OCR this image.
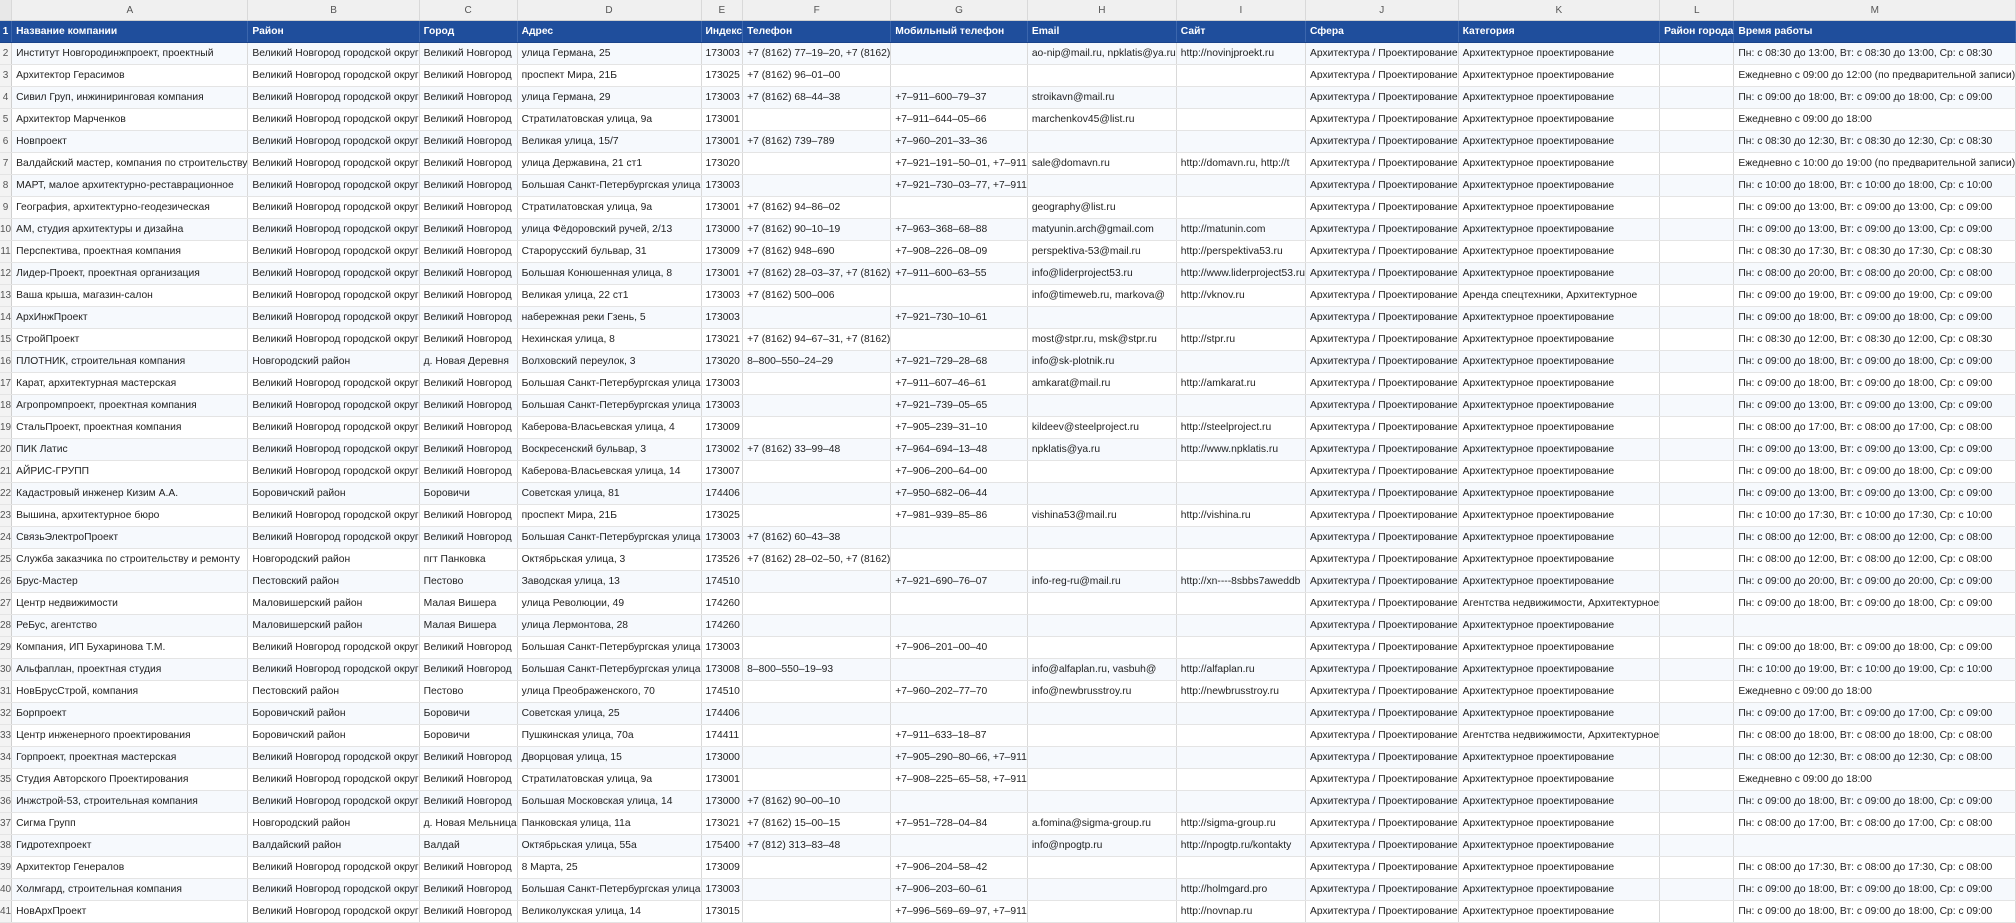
	A	B	C	D	E	F	G	H	I	J	K	L	M
1	Название компании	Район	Город	Адрес	Индекс	Телефон	Мобильный телефон	Email	Сайт	Сфера	Категория	Район города	Время работы
2	Институт Новгородинжпроект, проектный	Великий Новгород городской округ	Великий Новгород	улица Германа, 25	173003	+7 (8162) 77–19–20, +7 (8162)		ao-nip@mail.ru, npklatis@ya.ru	http://novinjproekt.ru	Архитектура / Проектирование	Архитектурное проектирование		Пн: с 08:30 до 13:00, Вт: с 08:30 до 13:00, Ср: с 08:30
3	Архитектор Герасимов	Великий Новгород городской округ	Великий Новгород	проспект Мира, 21Б	173025	+7 (8162) 96–01–00				Архитектура / Проектирование	Архитектурное проектирование		Ежедневно с 09:00 до 12:00 (по предварительной записи)
4	Сивил Груп, инжиниринговая компания	Великий Новгород городской округ	Великий Новгород	улица Германа, 29	173003	+7 (8162) 68–44–38	+7–911–600–79–37	stroikavn@mail.ru		Архитектура / Проектирование	Архитектурное проектирование		Пн: с 09:00 до 18:00, Вт: с 09:00 до 18:00, Ср: с 09:00
5	Архитектор Марченков	Великий Новгород городской округ	Великий Новгород	Стратилатовская улица, 9а	173001		+7–911–644–05–66	marchenkov45@list.ru		Архитектура / Проектирование	Архитектурное проектирование		Ежедневно с 09:00 до 18:00
6	Новпроект	Великий Новгород городской округ	Великий Новгород	Великая улица, 15/7	173001	+7 (8162) 739–789	+7–960–201–33–36			Архитектура / Проектирование	Архитектурное проектирование		Пн: с 08:30 до 12:30, Вт: с 08:30 до 12:30, Ср: с 08:30
7	Валдайский мастер, компания по строительству	Великий Новгород городской округ	Великий Новгород	улица Державина, 21 ст1	173020		+7–921–191–50–01, +7–911	sale@domavn.ru	http://domavn.ru, http://t	Архитектура / Проектирование	Архитектурное проектирование		Ежедневно с 10:00 до 19:00 (по предварительной записи)
8	МАРТ, малое архитектурно-реставрационное	Великий Новгород городской округ	Великий Новгород	Большая Санкт-Петербургская улица	173003		+7–921–730–03–77, +7–911			Архитектура / Проектирование	Архитектурное проектирование		Пн: с 10:00 до 18:00, Вт: с 10:00 до 18:00, Ср: с 10:00
9	География, архитектурно-геодезическая	Великий Новгород городской округ	Великий Новгород	Стратилатовская улица, 9а	173001	+7 (8162) 94–86–02		geography@list.ru		Архитектура / Проектирование	Архитектурное проектирование		Пн: с 09:00 до 13:00, Вт: с 09:00 до 13:00, Ср: с 09:00
10	АМ, студия архитектуры и дизайна	Великий Новгород городской округ	Великий Новгород	улица Фёдоровский ручей, 2/13	173000	+7 (8162) 90–10–19	+7–963–368–68–88	matyunin.arch@gmail.com	http://matunin.com	Архитектура / Проектирование	Архитектурное проектирование		Пн: с 09:00 до 13:00, Вт: с 09:00 до 13:00, Ср: с 09:00
11	Перспектива, проектная компания	Великий Новгород городской округ	Великий Новгород	Старорусский бульвар, 31	173009	+7 (8162) 948–690	+7–908–226–08–09	perspektiva-53@mail.ru	http://perspektiva53.ru	Архитектура / Проектирование	Архитектурное проектирование		Пн: с 08:30 до 17:30, Вт: с 08:30 до 17:30, Ср: с 08:30
12	Лидер-Проект, проектная организация	Великий Новгород городской округ	Великий Новгород	Большая Конюшенная улица, 8	173001	+7 (8162) 28–03–37, +7 (8162)	+7–911–600–63–55	info@liderproject53.ru	http://www.liderproject53.ru	Архитектура / Проектирование	Архитектурное проектирование		Пн: с 08:00 до 20:00, Вт: с 08:00 до 20:00, Ср: с 08:00
13	Ваша крыша, магазин-салон	Великий Новгород городской округ	Великий Новгород	Великая улица, 22 ст1	173003	+7 (8162) 500–006		info@timeweb.ru, markova@	http://vknov.ru	Архитектура / Проектирование	Аренда спецтехники, Архитектурное		Пн: с 09:00 до 19:00, Вт: с 09:00 до 19:00, Ср: с 09:00
14	АрхИнжПроект	Великий Новгород городской округ	Великий Новгород	набережная реки Гзень, 5	173003		+7–921–730–10–61			Архитектура / Проектирование	Архитектурное проектирование		Пн: с 09:00 до 18:00, Вт: с 09:00 до 18:00, Ср: с 09:00
15	СтройПроект	Великий Новгород городской округ	Великий Новгород	Нехинская улица, 8	173021	+7 (8162) 94–67–31, +7 (8162)		most@stpr.ru, msk@stpr.ru	http://stpr.ru	Архитектура / Проектирование	Архитектурное проектирование		Пн: с 08:30 до 12:00, Вт: с 08:30 до 12:00, Ср: с 08:30
16	ПЛОТНИК, строительная компания	Новгородский район	д. Новая Деревня	Волховский переулок, 3	173020	8–800–550–24–29	+7–921–729–28–68	info@sk-plotnik.ru		Архитектура / Проектирование	Архитектурное проектирование		Пн: с 09:00 до 18:00, Вт: с 09:00 до 18:00, Ср: с 09:00
17	Карат, архитектурная мастерская	Великий Новгород городской округ	Великий Новгород	Большая Санкт-Петербургская улица	173003		+7–911–607–46–61	amkarat@mail.ru	http://amkarat.ru	Архитектура / Проектирование	Архитектурное проектирование		Пн: с 09:00 до 18:00, Вт: с 09:00 до 18:00, Ср: с 09:00
18	Агропромпроект, проектная компания	Великий Новгород городской округ	Великий Новгород	Большая Санкт-Петербургская улица	173003		+7–921–739–05–65			Архитектура / Проектирование	Архитектурное проектирование		Пн: с 09:00 до 13:00, Вт: с 09:00 до 13:00, Ср: с 09:00
19	СтальПроект, проектная компания	Великий Новгород городской округ	Великий Новгород	Каберова-Власьевская улица, 4	173009		+7–905–239–31–10	kildeev@steelproject.ru	http://steelproject.ru	Архитектура / Проектирование	Архитектурное проектирование		Пн: с 08:00 до 17:00, Вт: с 08:00 до 17:00, Ср: с 08:00
20	ПИК Латис	Великий Новгород городской округ	Великий Новгород	Воскресенский бульвар, 3	173002	+7 (8162) 33–99–48	+7–964–694–13–48	npklatis@ya.ru	http://www.npklatis.ru	Архитектура / Проектирование	Архитектурное проектирование		Пн: с 09:00 до 13:00, Вт: с 09:00 до 13:00, Ср: с 09:00
21	АЙРИС-ГРУПП	Великий Новгород городской округ	Великий Новгород	Каберова-Власьевская улица, 14	173007		+7–906–200–64–00			Архитектура / Проектирование	Архитектурное проектирование		Пн: с 09:00 до 18:00, Вт: с 09:00 до 18:00, Ср: с 09:00
22	Кадастровый инженер Кизим А.А.	Боровичский район	Боровичи	Советская улица, 81	174406		+7–950–682–06–44			Архитектура / Проектирование	Архитектурное проектирование		Пн: с 09:00 до 13:00, Вт: с 09:00 до 13:00, Ср: с 09:00
23	Вышина, архитектурное бюро	Великий Новгород городской округ	Великий Новгород	проспект Мира, 21Б	173025		+7–981–939–85–86	vishina53@mail.ru	http://vishina.ru	Архитектура / Проектирование	Архитектурное проектирование		Пн: с 10:00 до 17:30, Вт: с 10:00 до 17:30, Ср: с 10:00
24	СвязьЭлектроПроект	Великий Новгород городской округ	Великий Новгород	Большая Санкт-Петербургская улица	173003	+7 (8162) 60–43–38				Архитектура / Проектирование	Архитектурное проектирование		Пн: с 08:00 до 12:00, Вт: с 08:00 до 12:00, Ср: с 08:00
25	Служба заказчика по строительству и ремонту	Новгородский район	пгт Панковка	Октябрьская улица, 3	173526	+7 (8162) 28–02–50, +7 (8162)				Архитектура / Проектирование	Архитектурное проектирование		Пн: с 08:00 до 12:00, Вт: с 08:00 до 12:00, Ср: с 08:00
26	Брус-Мастер	Пестовский район	Пестово	Заводская улица, 13	174510		+7–921–690–76–07	info-reg-ru@mail.ru	http://xn----8sbbs7aweddb	Архитектура / Проектирование	Архитектурное проектирование		Пн: с 09:00 до 20:00, Вт: с 09:00 до 20:00, Ср: с 09:00
27	Центр недвижимости	Маловишерский район	Малая Вишера	улица Революции, 49	174260					Архитектура / Проектирование	Агентства недвижимости, Архитектурное		Пн: с 09:00 до 18:00, Вт: с 09:00 до 18:00, Ср: с 09:00
28	РеБус, агентство	Маловишерский район	Малая Вишера	улица Лермонтова, 28	174260					Архитектура / Проектирование	Архитектурное проектирование		
29	Компания, ИП Бухаринова Т.М.	Великий Новгород городской округ	Великий Новгород	Большая Санкт-Петербургская улица	173003		+7–906–201–00–40			Архитектура / Проектирование	Архитектурное проектирование		Пн: с 09:00 до 18:00, Вт: с 09:00 до 18:00, Ср: с 09:00
30	Альфаплан, проектная студия	Великий Новгород городской округ	Великий Новгород	Большая Санкт-Петербургская улица	173008	8–800–550–19–93		info@alfaplan.ru, vasbuh@	http://alfaplan.ru	Архитектура / Проектирование	Архитектурное проектирование		Пн: с 10:00 до 19:00, Вт: с 10:00 до 19:00, Ср: с 10:00
31	НовБрусСтрой, компания	Пестовский район	Пестово	улица Преображенского, 70	174510		+7–960–202–77–70	info@newbrusstroy.ru	http://newbrusstroy.ru	Архитектура / Проектирование	Архитектурное проектирование		Ежедневно с 09:00 до 18:00
32	Борпроект	Боровичский район	Боровичи	Советская улица, 25	174406					Архитектура / Проектирование	Архитектурное проектирование		Пн: с 09:00 до 17:00, Вт: с 09:00 до 17:00, Ср: с 09:00
33	Центр инженерного проектирования	Боровичский район	Боровичи	Пушкинская улица, 70а	174411		+7–911–633–18–87			Архитектура / Проектирование	Агентства недвижимости, Архитектурное		Пн: с 08:00 до 18:00, Вт: с 08:00 до 18:00, Ср: с 08:00
34	Горпроект, проектная мастерская	Великий Новгород городской округ	Великий Новгород	Дворцовая улица, 15	173000		+7–905–290–80–66, +7–911			Архитектура / Проектирование	Архитектурное проектирование		Пн: с 08:00 до 12:30, Вт: с 08:00 до 12:30, Ср: с 08:00
35	Студия Авторского Проектирования	Великий Новгород городской округ	Великий Новгород	Стратилатовская улица, 9а	173001		+7–908–225–65–58, +7–911			Архитектура / Проектирование	Архитектурное проектирование		Ежедневно с 09:00 до 18:00
36	Инжстрой-53, строительная компания	Великий Новгород городской округ	Великий Новгород	Большая Московская улица, 14	173000	+7 (8162) 90–00–10				Архитектура / Проектирование	Архитектурное проектирование		Пн: с 09:00 до 18:00, Вт: с 09:00 до 18:00, Ср: с 09:00
37	Сигма Групп	Новгородский район	д. Новая Мельница	Панковская улица, 11а	173021	+7 (8162) 15–00–15	+7–951–728–04–84	a.fomina@sigma-group.ru	http://sigma-group.ru	Архитектура / Проектирование	Архитектурное проектирование		Пн: с 08:00 до 17:00, Вт: с 08:00 до 17:00, Ср: с 08:00
38	Гидротехпроект	Валдайский район	Валдай	Октябрьская улица, 55а	175400	+7 (812) 313–83–48		info@npogtp.ru	http://npogtp.ru/kontakty	Архитектура / Проектирование	Архитектурное проектирование		
39	Архитектор Генералов	Великий Новгород городской округ	Великий Новгород	8 Марта, 25	173009		+7–906–204–58–42			Архитектура / Проектирование	Архитектурное проектирование		Пн: с 08:00 до 17:30, Вт: с 08:00 до 17:30, Ср: с 08:00
40	Холмгард, строительная компания	Великий Новгород городской округ	Великий Новгород	Большая Санкт-Петербургская улица	173003		+7–906–203–60–61		http://holmgard.pro	Архитектура / Проектирование	Архитектурное проектирование		Пн: с 09:00 до 18:00, Вт: с 09:00 до 18:00, Ср: с 09:00
41	НовАрхПроект	Великий Новгород городской округ	Великий Новгород	Великолукская улица, 14	173015		+7–996–569–69–97, +7–911		http://novnap.ru	Архитектура / Проектирование	Архитектурное проектирование		Пн: с 09:00 до 18:00, Вт: с 09:00 до 18:00, Ср: с 09:00
